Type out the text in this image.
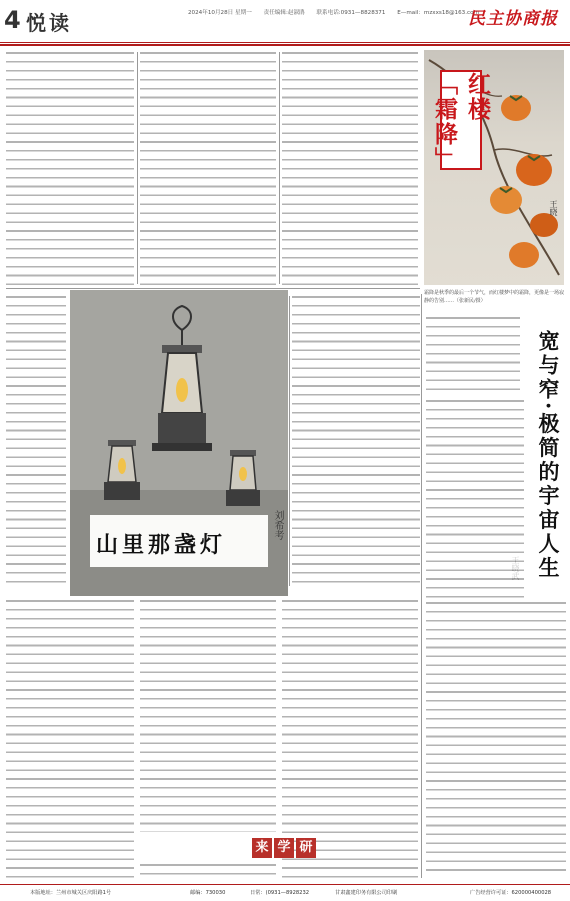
4 悦读	2024年10月28日 星期一 责任编辑:赵淑鹃 联系电话:0931—8828371 E—mail：mzxxs18@163.com
民主协商报
红楼「霜降」
王晓
霜降是秋季的最后一个节气，而红楼梦中的霜降，更像是一场寂静的告别……（张新民/摄）
山里那盏灯
刘希考
来 学 研
宽与窄·极简的宇宙人生
本版地址：兰州市城关区庆阳路1号	邮编：730030	日常：(0931—8928232	甘肃鑫建印务有限公司印刷	广告经营许可证：620000400028
